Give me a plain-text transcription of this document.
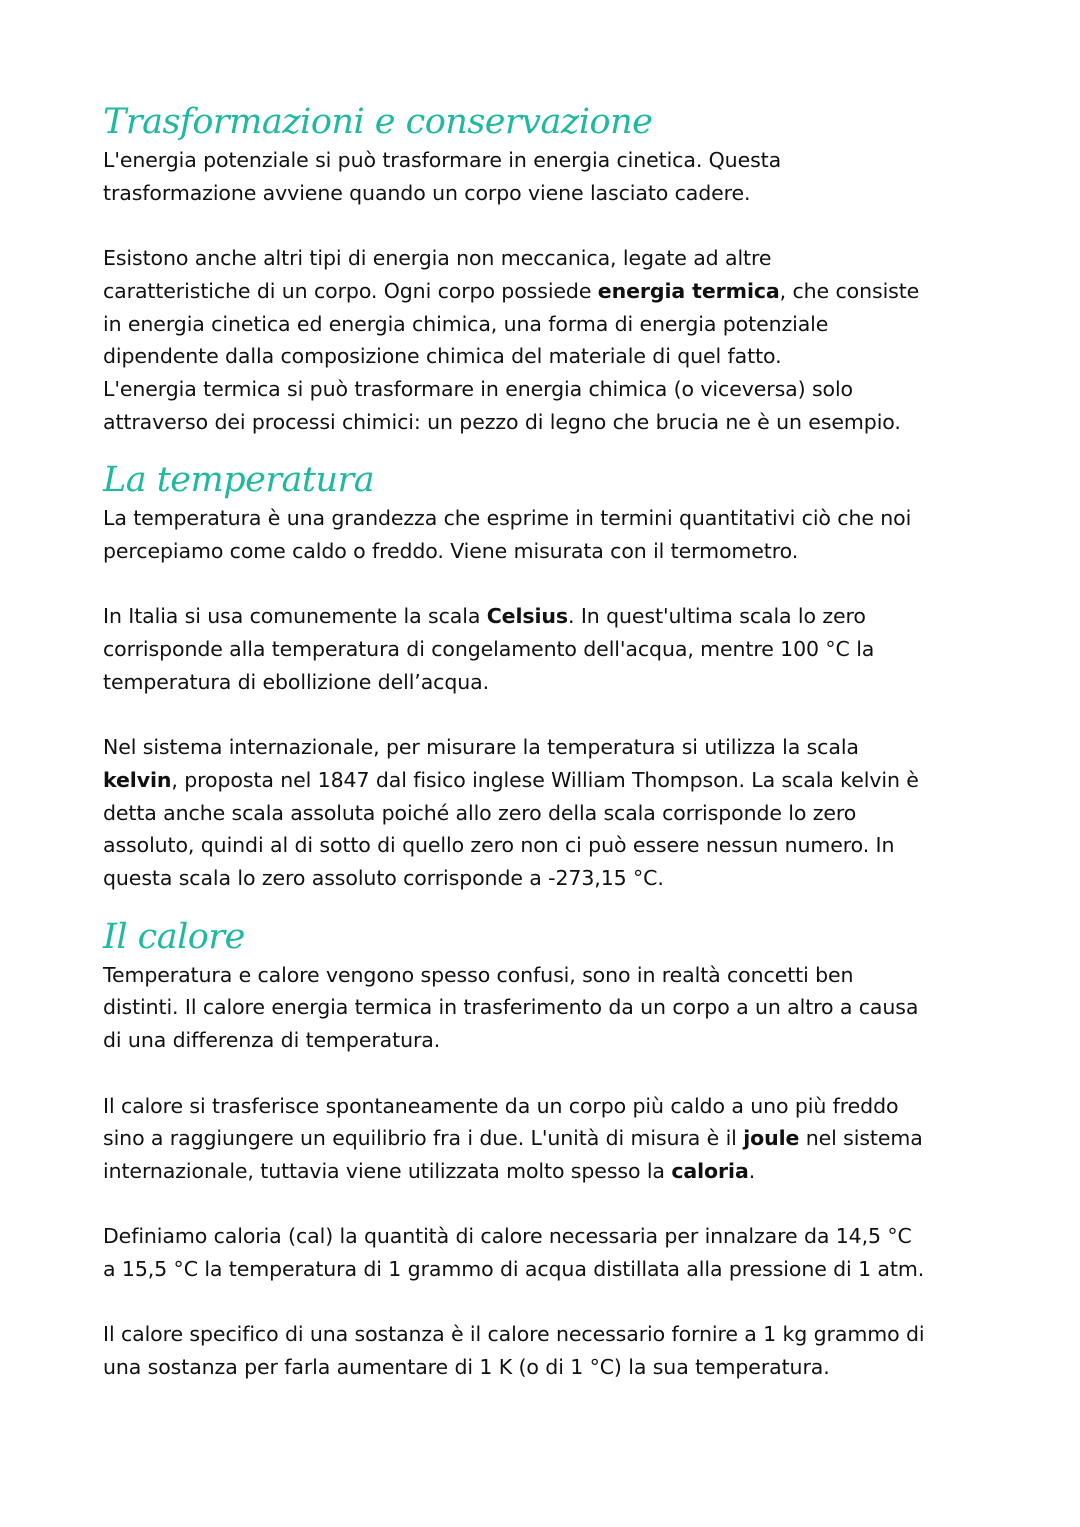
Trasformazioni e conservazione

L'energia potenziale si può trasformare in energia cinetica. Questa
trasformazione avviene quando un corpo viene lasciato cadere.

Esistono anche altri tipi di energia non meccanica, legate ad altre
caratteristiche di un corpo. Ogni corpo possiede energia termica, che consiste
in energia cinetica ed energia chimica, una forma di energia potenziale
dipendente dalla composizione chimica del materiale di quel fatto.
L'energia termica si può trasformare in energia chimica (o viceversa) solo
attraverso dei processi chimici: un pezzo di legno che brucia ne è un esempio.

La temperatura

La temperatura è una grandezza che esprime in termini quantitativi ciò che noi
percepiamo come caldo o freddo. Viene misurata con il termometro.

In Italia si usa comunemente la scala Celsius. In quest'ultima scala lo zero
corrisponde alla temperatura di congelamento dell'acqua, mentre 100 °C la
temperatura di ebollizione dell’acqua.

Nel sistema internazionale, per misurare la temperatura si utilizza la scala
kelvin, proposta nel 1847 dal fisico inglese William Thompson. La scala kelvin è
detta anche scala assoluta poiché allo zero della scala corrisponde lo zero
assoluto, quindi al di sotto di quello zero non ci può essere nessun numero. In
questa scala lo zero assoluto corrisponde a -273,15 °C.

Il calore

Temperatura e calore vengono spesso confusi, sono in realtà concetti ben
distinti. Il calore energia termica in trasferimento da un corpo a un altro a causa
di una differenza di temperatura.

Il calore si trasferisce spontaneamente da un corpo più caldo a uno più freddo
sino a raggiungere un equilibrio fra i due. L'unità di misura è il joule nel sistema
internazionale, tuttavia viene utilizzata molto spesso la caloria.

Definiamo caloria (cal) la quantità di calore necessaria per innalzare da 14,5 °C
a 15,5 °C la temperatura di 1 grammo di acqua distillata alla pressione di 1 atm.

Il calore specifico di una sostanza è il calore necessario fornire a 1 kg grammo di
una sostanza per farla aumentare di 1 K (o di 1 °C) la sua temperatura.
